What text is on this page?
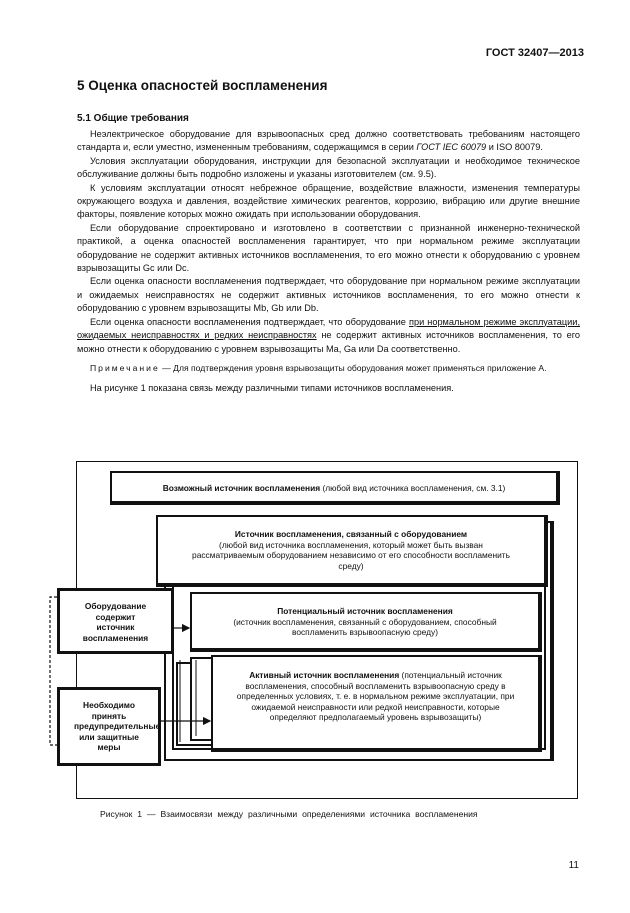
ГОСТ 32407—2013
5 Оценка опасностей воспламенения
5.1 Общие требования

Неэлектрическое оборудование для взрывоопасных сред должно соответствовать требованиям настоящего стандарта и, если уместно, измененным требованиям, содержащимся в серии ГОСТ IEC 60079 и ISO 80079.

Условия эксплуатации оборудования, инструкции для безопасной эксплуатации и необходимое техническое обслуживание должны быть подробно изложены и указаны изготовителем (см. 9.5).

К условиям эксплуатации относят небрежное обращение, воздействие влажности, изменения температуры окружающего воздуха и давления, воздействие химических реагентов, коррозию, вибрацию или другие внешние факторы, появление которых можно ожидать при использовании оборудования.

Если оборудование спроектировано и изготовлено в соответствии с признанной инженерно-технической практикой, а оценка опасностей воспламенения гарантирует, что при нормальном режиме эксплуатации оборудование не содержит активных источников воспламенения, то его можно отнести к оборудованию с уровнем взрывозащиты Gc или Dc.

Если оценка опасности воспламенения подтверждает, что оборудование при нормальном режиме эксплуатации и ожидаемых неисправностях не содержит активных источников воспламенения, то его можно отнести к оборудованию с уровнем взрывозащиты Mb, Gb или Db.

Если оценка опасности воспламенения подтверждает, что оборудование при нормальном режиме эксплуатации, ожидаемых неисправностях и редких неисправностях не содержит активных источников воспламенения, то его можно отнести к оборудованию с уровнем взрывозащиты Ma, Ga или Da соответственно.

Примечание — Для подтверждения уровня взрывозащиты оборудования может применяться приложение А.

На рисунке 1 показана связь между различными типами источников воспламенения.

Возможный источник воспламенения (любой вид источника воспламенения, см. 3.1)
Источник воспламенения, связанный с оборудованием
(любой вид источника воспламенения, который может быть вызван рассматриваемым оборудованием независимо от его способности воспламенить среду)
Потенциальный источник воспламенения
(источник воспламенения, связанный с оборудованием, способный воспламенить взрывоопасную среду)
Активный источник воспламенения (потенциальный источник воспламенения, способный воспламенить взрывоопасную среду в определенных условиях, т. е. в нормальном режиме эксплуатации, при ожидаемой неисправности или редкой неисправности, которые определяют предполагаемый уровень взрывозащиты)
Оборудование содержит источник воспламенения
Необходимо принять предупредительные или защитные меры
Рисунок 1 — Взаимосвязи между различными определениями источника воспламенения
11
